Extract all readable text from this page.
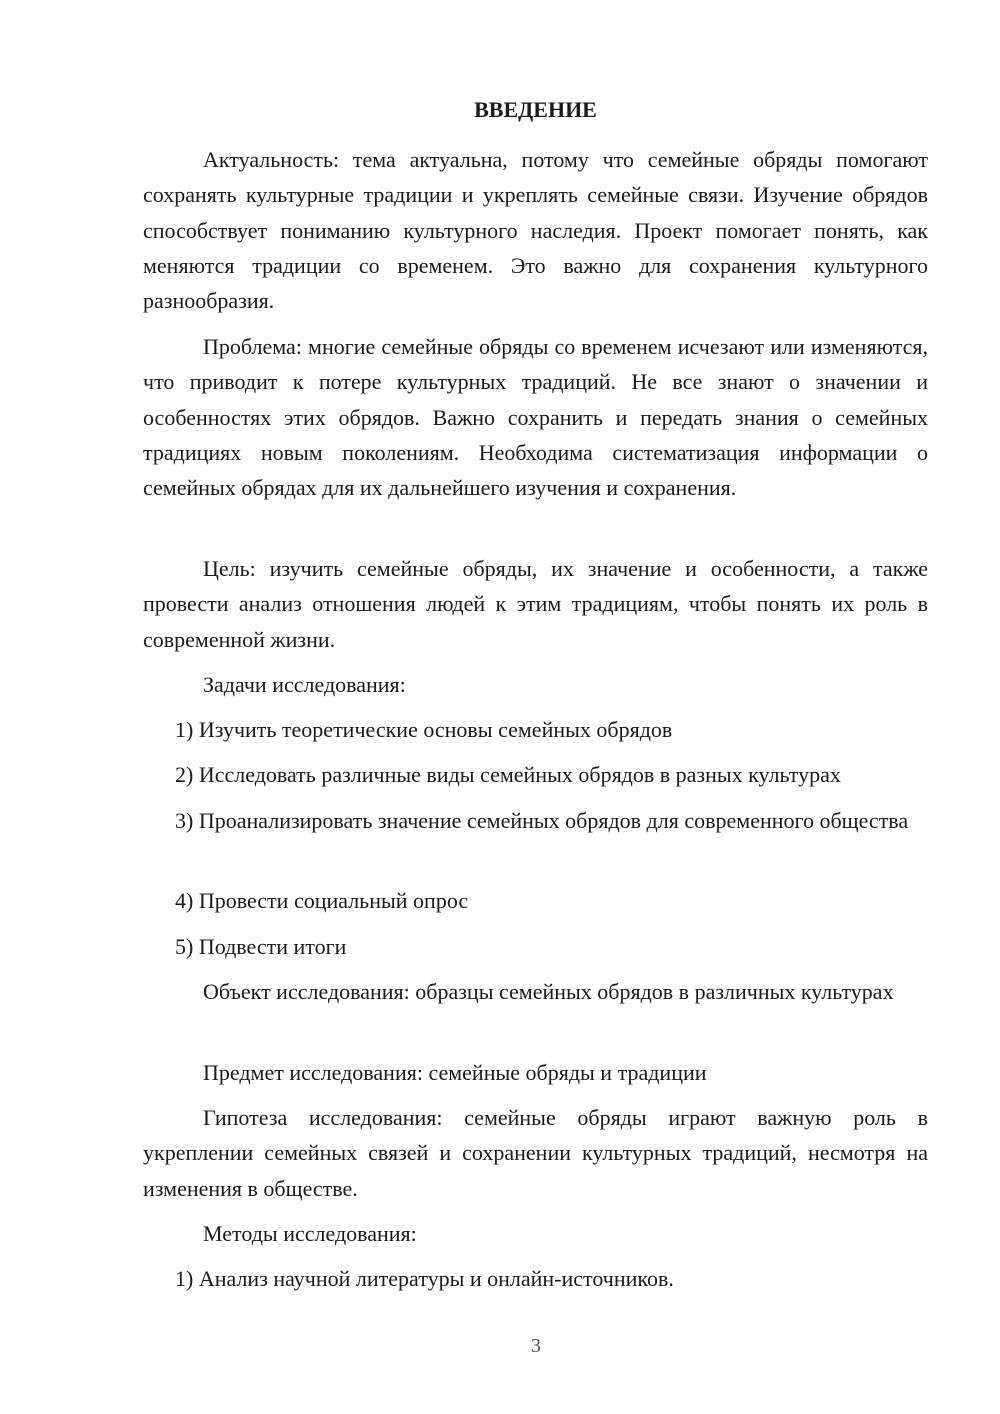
ВВЕДЕНИЕ

Актуальность: тема актуальна, потому что семейные обряды помогают сохранять культурные традиции и укреплять семейные связи. Изучение обрядов способствует пониманию культурного наследия. Проект помогает понять, как меняются традиции со временем. Это важно для сохранения культурного разнообразия.

Проблема: многие семейные обряды со временем исчезают или изменяются, что приводит к потере культурных традиций. Не все знают о значении и особенностях этих обрядов. Важно сохранить и передать знания о семейных традициях новым поколениям. Необходима систематизация информации о семейных обрядах для их дальнейшего изучения и сохранения.

Цель: изучить семейные обряды, их значение и особенности, а также провести анализ отношения людей к этим традициям, чтобы понять их роль в современной жизни.

Задачи исследования:

1) Изучить теоретические основы семейных обрядов

2) Исследовать различные виды семейных обрядов в разных культурах

3) Проанализировать значение семейных обрядов для современного общества

4) Провести социальный опрос

5) Подвести итоги

Объект исследования: образцы семейных обрядов в различных культурах

Предмет исследования: семейные обряды и традиции

Гипотеза исследования: семейные обряды играют важную роль в укреплении семейных связей и сохранении культурных традиций, несмотря на изменения в обществе.

Методы исследования:

1) Анализ научной литературы и онлайн-источников.

3
